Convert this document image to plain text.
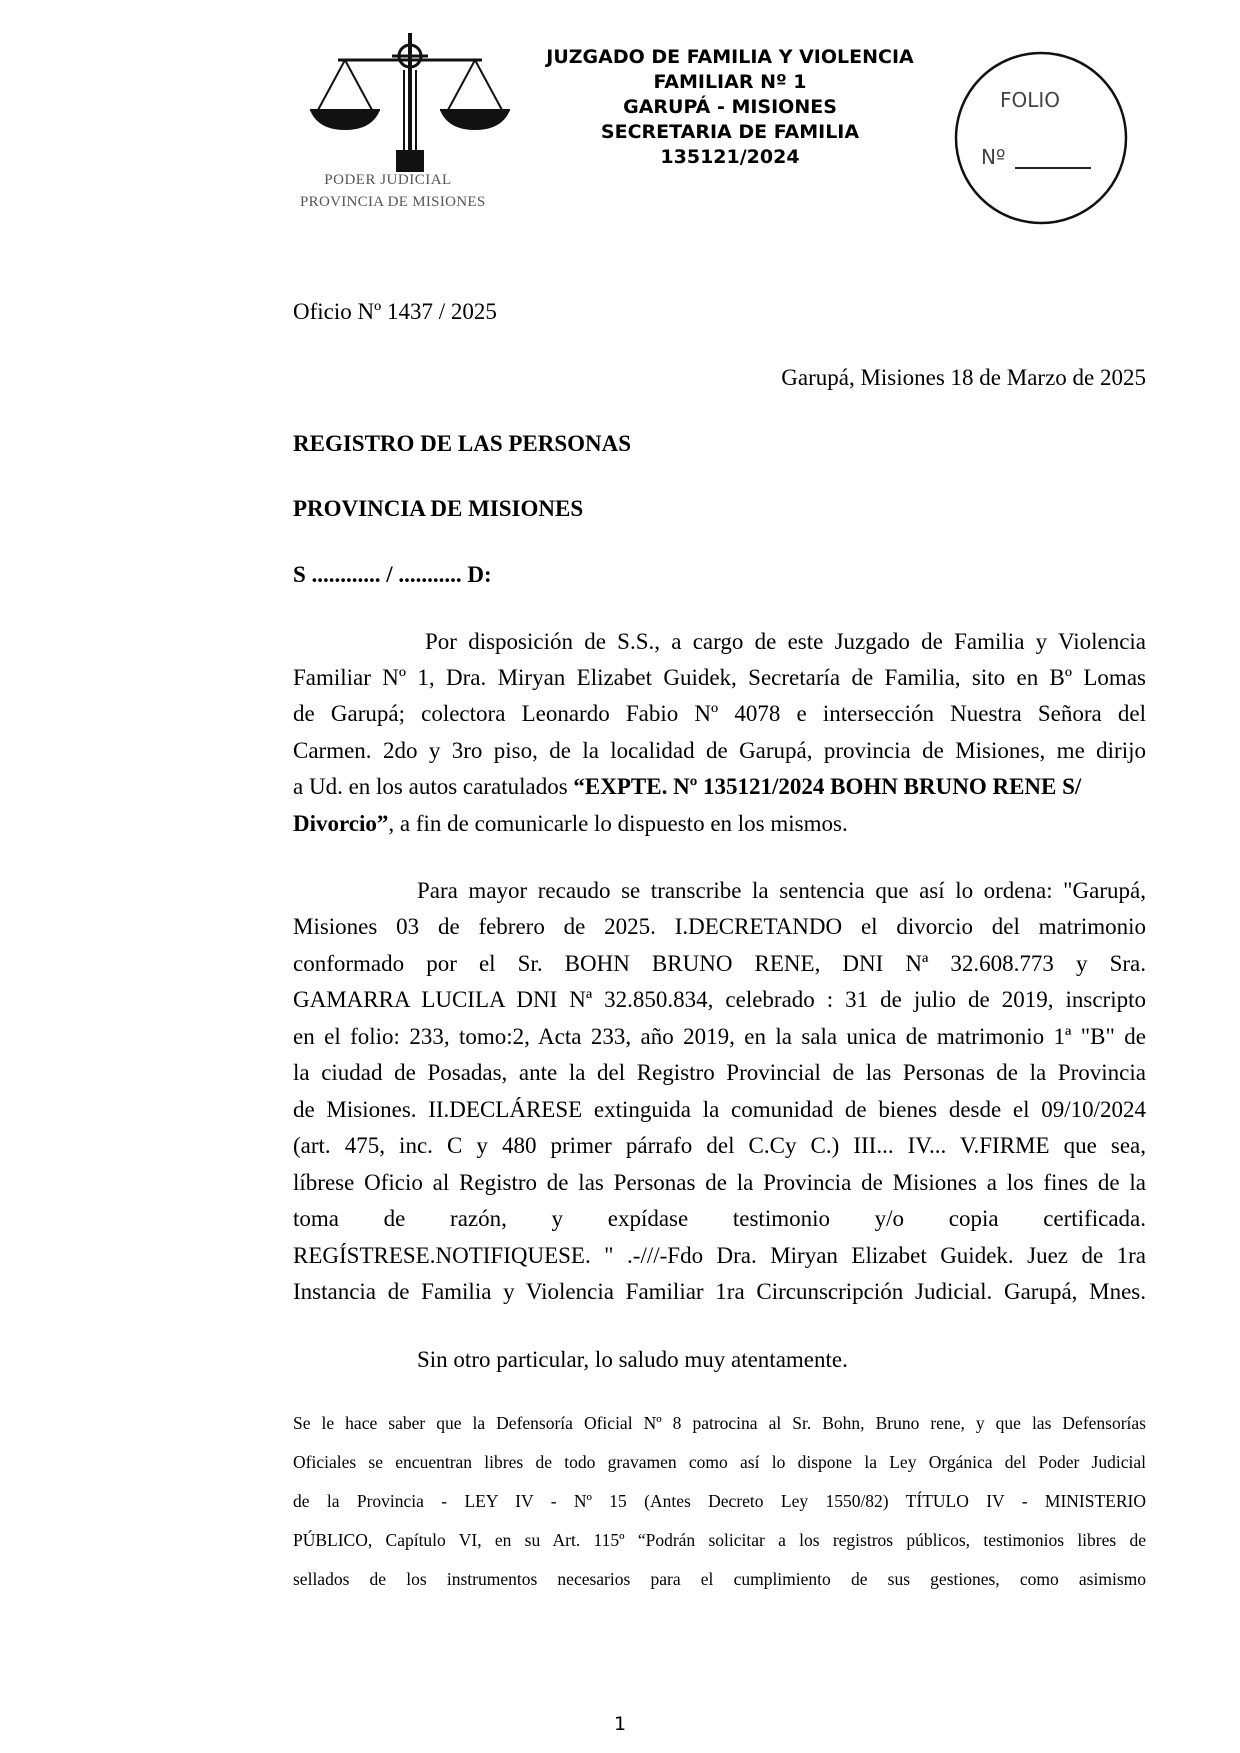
PODER JUDICIAL
PROVINCIA DE MISIONES
JUZGADO DE FAMILIA Y VIOLENCIA
FAMILIAR Nº 1
GARUPÁ - MISIONES
SECRETARIA DE FAMILIA
135121/2024
FOLIO
Nº
Oficio Nº 1437 / 2025
Garupá, Misiones 18 de Marzo de 2025
REGISTRO DE LAS PERSONAS
PROVINCIA DE MISIONES
S ............ / ........... D:
Por disposición de S.S., a cargo de este Juzgado de Familia y Violencia
Familiar Nº 1, Dra. Miryan Elizabet Guidek, Secretaría de Familia, sito en Bº Lomas
de Garupá; colectora Leonardo Fabio Nº 4078 e intersección Nuestra Señora del
Carmen. 2do y 3ro piso, de la localidad de Garupá, provincia de Misiones, me dirijo
a Ud. en los autos caratulados “EXPTE. Nº 135121/2024 BOHN BRUNO RENE S/
Divorcio”, a fin de comunicarle lo dispuesto en los mismos.
Para mayor recaudo se transcribe la sentencia que así lo ordena: "Garupá,
Misiones 03 de febrero de 2025. I.DECRETANDO el divorcio del matrimonio
conformado por el Sr. BOHN BRUNO RENE, DNI Nª 32.608.773 y Sra.
GAMARRA LUCILA DNI Nª 32.850.834, celebrado : 31 de julio de 2019, inscripto
en el folio: 233, tomo:2, Acta 233, año 2019, en la sala unica de matrimonio 1ª "B" de
la ciudad de Posadas, ante la del Registro Provincial de las Personas de la Provincia
de Misiones. II.DECLÁRESE extinguida la comunidad de bienes desde el 09/10/2024
(art. 475, inc. C y 480 primer párrafo del C.Cy C.) III... IV... V.FIRME que sea,
líbrese Oficio al Registro de las Personas de la Provincia de Misiones a los fines de la
toma de razón, y expídase testimonio y/o copia certificada.
REGÍSTRESE.NOTIFIQUESE. " .-///-Fdo Dra. Miryan Elizabet Guidek. Juez de 1ra
Instancia de Familia y Violencia Familiar 1ra Circunscripción Judicial. Garupá, Mnes.
Sin otro particular, lo saludo muy atentamente.
Se le hace saber que la Defensoría Oficial Nº 8 patrocina al Sr. Bohn, Bruno rene, y que las Defensorías
Oficiales se encuentran libres de todo gravamen como así lo dispone la Ley Orgánica del Poder Judicial
de la Provincia - LEY IV - Nº 15 (Antes Decreto Ley 1550/82) TÍTULO IV - MINISTERIO
PÚBLICO, Capítulo VI, en su Art. 115º “Podrán solicitar a los registros públicos, testimonios libres de
sellados de los instrumentos necesarios para el cumplimiento de sus gestiones, como asimismo
1
